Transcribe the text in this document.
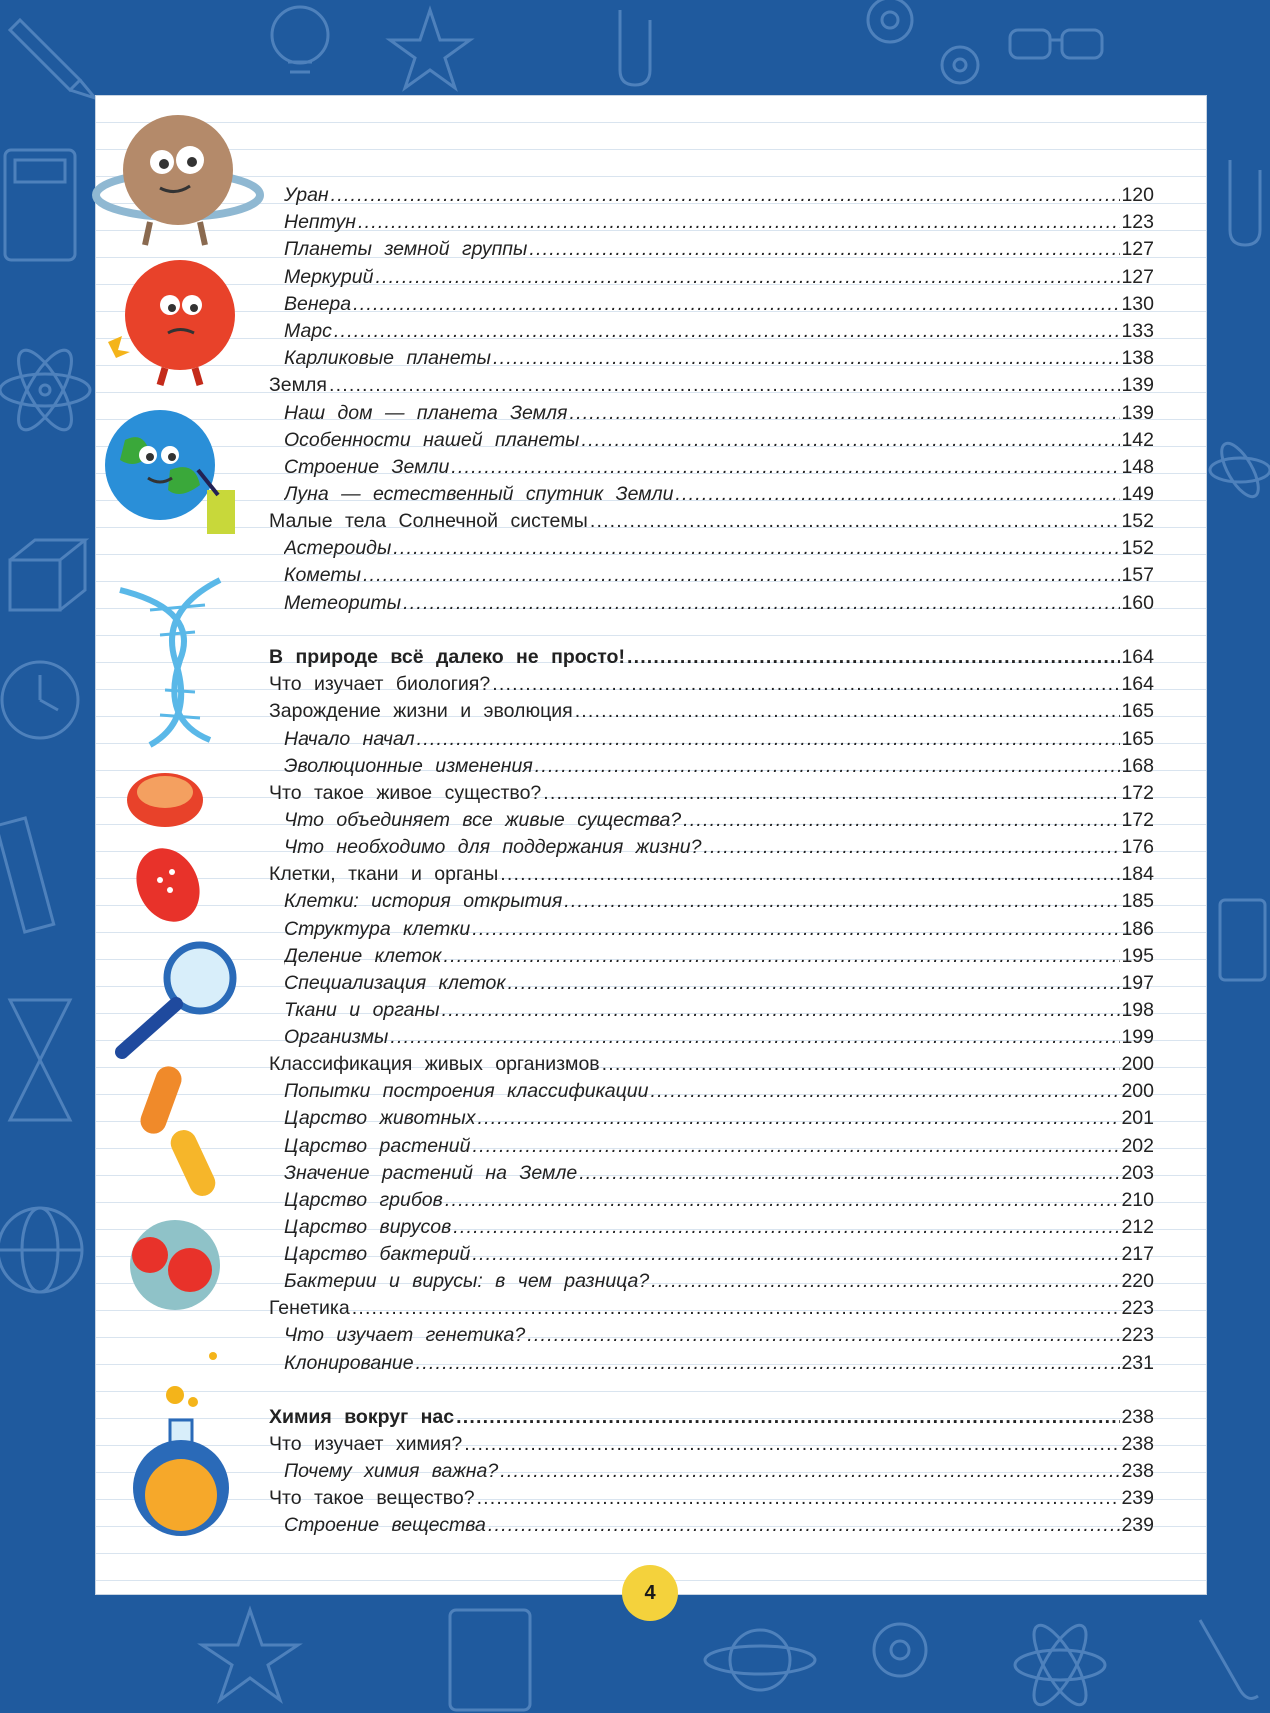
Уран .....	120
Нептун .....	123
Планеты земной группы .....	127
Меркурий .....	127
Венера .....	130
Марс .....	133
Карликовые планеты .....	138
Земля .....	139
Наш дом — планета Земля .....	139
Особенности нашей планеты .....	142
Строение Земли .....	148
Луна — естественный спутник Земли .....	149
Малые тела Солнечной системы .....	152
Астероиды .....	152
Кометы .....	157
Метеориты .....	160
В природе всё далеко не просто! .....	164
Что изучает биология? .....	164
Зарождение жизни и эволюция .....	165
Начало начал .....	165
Эволюционные изменения .....	168
Что такое живое существо? .....	172
Что объединяет все живые существа? .....	172
Что необходимо для поддержания жизни? .....	176
Клетки, ткани и органы .....	184
Клетки: история открытия .....	185
Структура клетки .....	186
Деление клеток .....	195
Специализация клеток .....	197
Ткани и органы .....	198
Организмы .....	199
Классификация живых организмов .....	200
Попытки построения классификации .....	200
Царство животных .....	201
Царство растений .....	202
Значение растений на Земле .....	203
Царство грибов .....	210
Царство вирусов .....	212
Царство бактерий .....	217
Бактерии и вирусы: в чем разница? .....	220
Генетика .....	223
Что изучает генетика? .....	223
Клонирование .....	231
Химия вокруг нас .....	238
Что изучает химия? .....	238
Почему химия важна? .....	238
Что такое вещество? .....	239
Строение вещества .....	239
4
